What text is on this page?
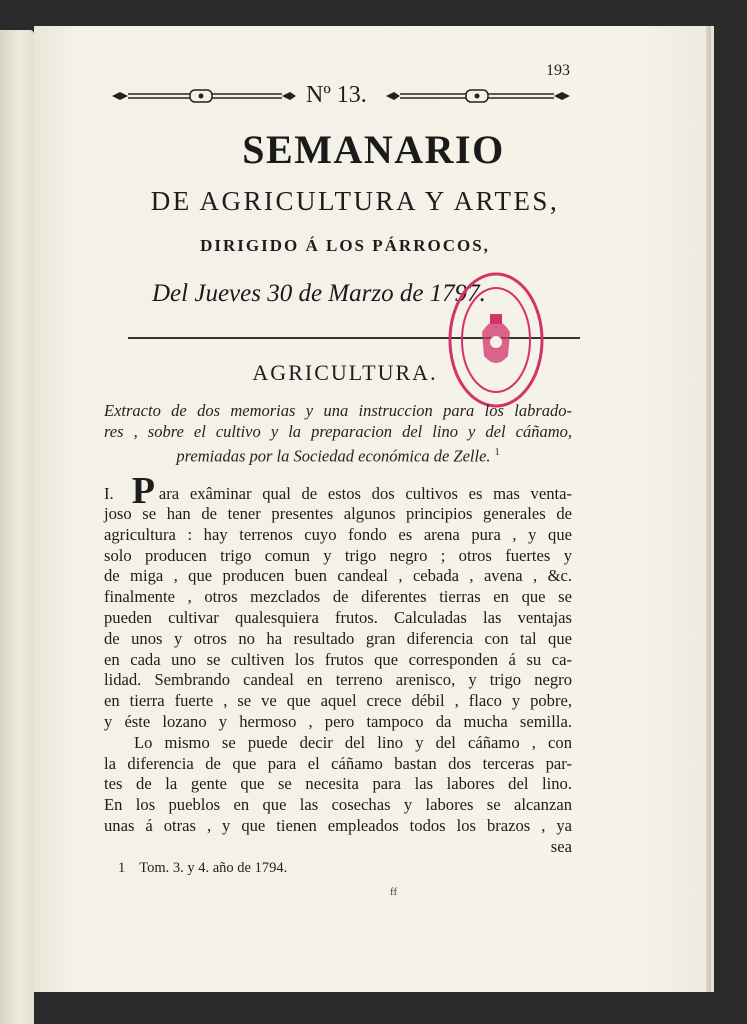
193
Nº 13.
SEMANARIO
DE AGRICULTURA Y ARTES,
DIRIGIDO Á LOS PÁRROCOS,
Del Jueves 30 de Marzo de 1797.
AGRICULTURA.
Extracto de dos memorias y una instruccion para los labrado-
res , sobre el cultivo y la preparacion del lino y del cáñamo,
premiadas por la Sociedad económica de Zelle. $^1$
I. P ara exâminar qual de estos dos cultivos es mas venta-
joso se han de tener presentes algunos principios generales de
agricultura : hay terrenos cuyo fondo es arena pura , y que
solo producen trigo comun y trigo negro ; otros fuertes y
de miga , que producen buen candeal , cebada , avena , &c.
finalmente , otros mezclados de diferentes tierras en que se
pueden cultivar qualesquiera frutos. Calculadas las ventajas
de unos y otros no ha resultado gran diferencia con tal que
en cada uno se cultiven los frutos que corresponden á su ca-
lidad. Sembrando candeal en terreno arenisco, y trigo negro
en tierra fuerte , se ve que aquel crece débil , flaco y pobre,
y éste lozano y hermoso , pero tampoco da mucha semilla.
Lo mismo se puede decir del lino y del cáñamo , con
la diferencia de que para el cáñamo bastan dos terceras par-
tes de la gente que se necesita para las labores del lino.
En los pueblos en que las cosechas y labores se alcanzan
unas á otras , y que tienen empleados todos los brazos , ya
sea
1 Tom. 3. y 4. año de 1794.
ff
